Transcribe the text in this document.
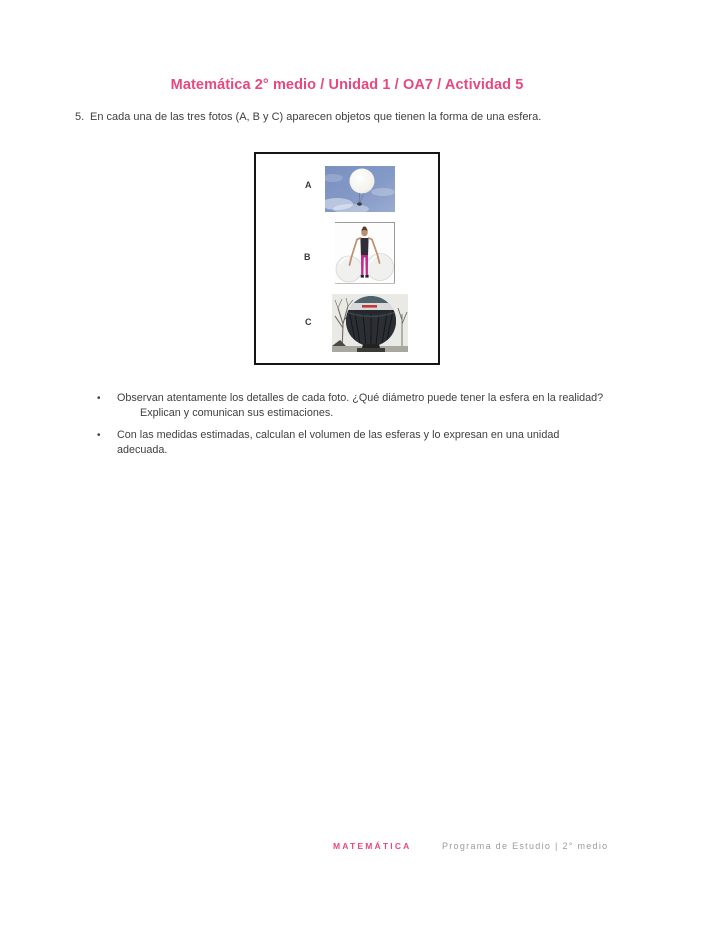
Matemática 2° medio / Unidad 1 / OA7 / Actividad 5
5. En cada una de las tres fotos (A, B y C) aparecen objetos que tienen la forma de una esfera.
A
B
C
•	Observan atentamente los detalles de cada foto. ¿Qué diámetro puede tener la esfera en la realidad?
Explican y comunican sus estimaciones.
•	Con las medidas estimadas, calculan el volumen de las esferas y lo expresan en una unidad adecuada.
MATEMÁTICA	Programa de Estudio | 2° medio
